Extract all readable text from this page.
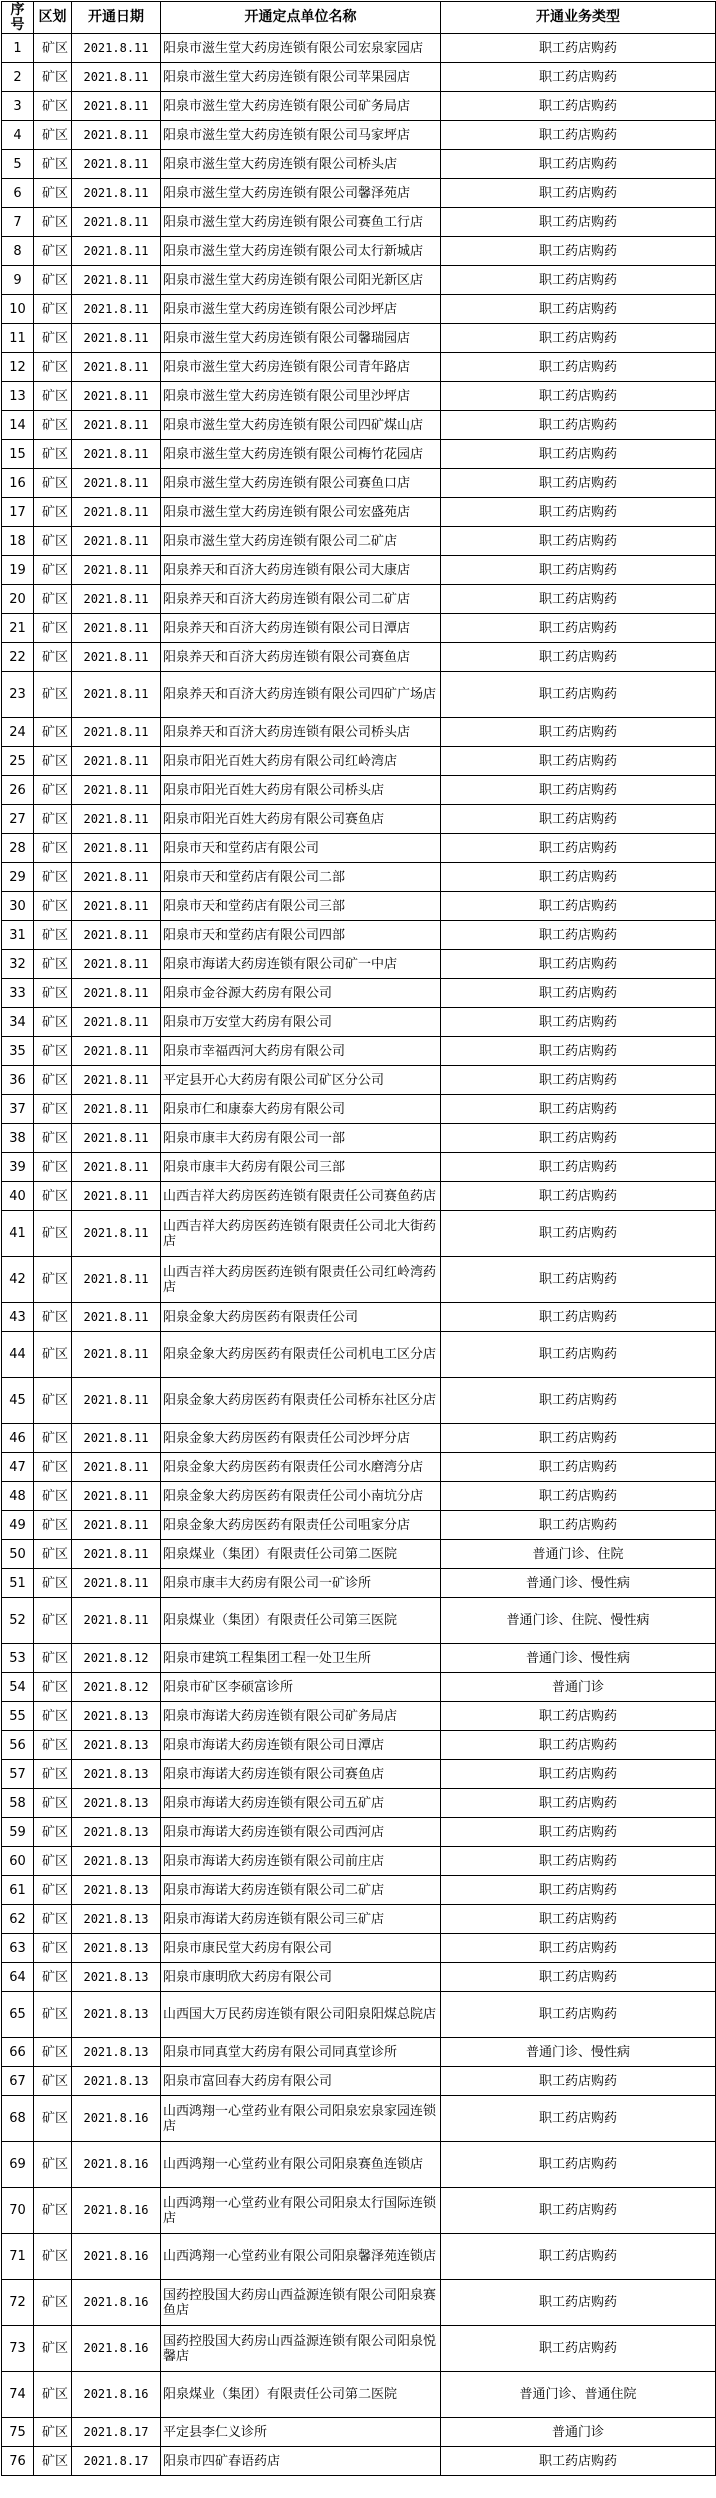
序号	区划	开通日期	开通定点单位名称	开通业务类型
1	矿区	2021.8.11	阳泉市滋生堂大药房连锁有限公司宏泉家园店	职工药店购药
2	矿区	2021.8.11	阳泉市滋生堂大药房连锁有限公司苹果园店	职工药店购药
3	矿区	2021.8.11	阳泉市滋生堂大药房连锁有限公司矿务局店	职工药店购药
4	矿区	2021.8.11	阳泉市滋生堂大药房连锁有限公司马家坪店	职工药店购药
5	矿区	2021.8.11	阳泉市滋生堂大药房连锁有限公司桥头店	职工药店购药
6	矿区	2021.8.11	阳泉市滋生堂大药房连锁有限公司馨泽苑店	职工药店购药
7	矿区	2021.8.11	阳泉市滋生堂大药房连锁有限公司赛鱼工行店	职工药店购药
8	矿区	2021.8.11	阳泉市滋生堂大药房连锁有限公司太行新城店	职工药店购药
9	矿区	2021.8.11	阳泉市滋生堂大药房连锁有限公司阳光新区店	职工药店购药
10	矿区	2021.8.11	阳泉市滋生堂大药房连锁有限公司沙坪店	职工药店购药
11	矿区	2021.8.11	阳泉市滋生堂大药房连锁有限公司馨瑞园店	职工药店购药
12	矿区	2021.8.11	阳泉市滋生堂大药房连锁有限公司青年路店	职工药店购药
13	矿区	2021.8.11	阳泉市滋生堂大药房连锁有限公司里沙坪店	职工药店购药
14	矿区	2021.8.11	阳泉市滋生堂大药房连锁有限公司四矿煤山店	职工药店购药
15	矿区	2021.8.11	阳泉市滋生堂大药房连锁有限公司梅竹花园店	职工药店购药
16	矿区	2021.8.11	阳泉市滋生堂大药房连锁有限公司赛鱼口店	职工药店购药
17	矿区	2021.8.11	阳泉市滋生堂大药房连锁有限公司宏盛苑店	职工药店购药
18	矿区	2021.8.11	阳泉市滋生堂大药房连锁有限公司二矿店	职工药店购药
19	矿区	2021.8.11	阳泉养天和百济大药房连锁有限公司大康店	职工药店购药
20	矿区	2021.8.11	阳泉养天和百济大药房连锁有限公司二矿店	职工药店购药
21	矿区	2021.8.11	阳泉养天和百济大药房连锁有限公司日潭店	职工药店购药
22	矿区	2021.8.11	阳泉养天和百济大药房连锁有限公司赛鱼店	职工药店购药
23	矿区	2021.8.11	阳泉养天和百济大药房连锁有限公司四矿广场店	职工药店购药
24	矿区	2021.8.11	阳泉养天和百济大药房连锁有限公司桥头店	职工药店购药
25	矿区	2021.8.11	阳泉市阳光百姓大药房有限公司红岭湾店	职工药店购药
26	矿区	2021.8.11	阳泉市阳光百姓大药房有限公司桥头店	职工药店购药
27	矿区	2021.8.11	阳泉市阳光百姓大药房有限公司赛鱼店	职工药店购药
28	矿区	2021.8.11	阳泉市天和堂药店有限公司	职工药店购药
29	矿区	2021.8.11	阳泉市天和堂药店有限公司二部	职工药店购药
30	矿区	2021.8.11	阳泉市天和堂药店有限公司三部	职工药店购药
31	矿区	2021.8.11	阳泉市天和堂药店有限公司四部	职工药店购药
32	矿区	2021.8.11	阳泉市海诺大药房连锁有限公司矿一中店	职工药店购药
33	矿区	2021.8.11	阳泉市金谷源大药房有限公司	职工药店购药
34	矿区	2021.8.11	阳泉市万安堂大药房有限公司	职工药店购药
35	矿区	2021.8.11	阳泉市幸福西河大药房有限公司	职工药店购药
36	矿区	2021.8.11	平定县开心大药房有限公司矿区分公司	职工药店购药
37	矿区	2021.8.11	阳泉市仁和康泰大药房有限公司	职工药店购药
38	矿区	2021.8.11	阳泉市康丰大药房有限公司一部	职工药店购药
39	矿区	2021.8.11	阳泉市康丰大药房有限公司三部	职工药店购药
40	矿区	2021.8.11	山西吉祥大药房医药连锁有限责任公司赛鱼药店	职工药店购药
41	矿区	2021.8.11	山西吉祥大药房医药连锁有限责任公司北大街药店	职工药店购药
42	矿区	2021.8.11	山西吉祥大药房医药连锁有限责任公司红岭湾药店	职工药店购药
43	矿区	2021.8.11	阳泉金象大药房医药有限责任公司	职工药店购药
44	矿区	2021.8.11	阳泉金象大药房医药有限责任公司机电工区分店	职工药店购药
45	矿区	2021.8.11	阳泉金象大药房医药有限责任公司桥东社区分店	职工药店购药
46	矿区	2021.8.11	阳泉金象大药房医药有限责任公司沙坪分店	职工药店购药
47	矿区	2021.8.11	阳泉金象大药房医药有限责任公司水磨湾分店	职工药店购药
48	矿区	2021.8.11	阳泉金象大药房医药有限责任公司小南坑分店	职工药店购药
49	矿区	2021.8.11	阳泉金象大药房医药有限责任公司咀家分店	职工药店购药
50	矿区	2021.8.11	阳泉煤业（集团）有限责任公司第二医院	普通门诊、住院
51	矿区	2021.8.11	阳泉市康丰大药房有限公司一矿诊所	普通门诊、慢性病
52	矿区	2021.8.11	阳泉煤业（集团）有限责任公司第三医院	普通门诊、住院、慢性病
53	矿区	2021.8.12	阳泉市建筑工程集团工程一处卫生所	普通门诊、慢性病
54	矿区	2021.8.12	阳泉市矿区李硕富诊所	普通门诊
55	矿区	2021.8.13	阳泉市海诺大药房连锁有限公司矿务局店	职工药店购药
56	矿区	2021.8.13	阳泉市海诺大药房连锁有限公司日潭店	职工药店购药
57	矿区	2021.8.13	阳泉市海诺大药房连锁有限公司赛鱼店	职工药店购药
58	矿区	2021.8.13	阳泉市海诺大药房连锁有限公司五矿店	职工药店购药
59	矿区	2021.8.13	阳泉市海诺大药房连锁有限公司西河店	职工药店购药
60	矿区	2021.8.13	阳泉市海诺大药房连锁有限公司前庄店	职工药店购药
61	矿区	2021.8.13	阳泉市海诺大药房连锁有限公司二矿店	职工药店购药
62	矿区	2021.8.13	阳泉市海诺大药房连锁有限公司三矿店	职工药店购药
63	矿区	2021.8.13	阳泉市康民堂大药房有限公司	职工药店购药
64	矿区	2021.8.13	阳泉市康明欣大药房有限公司	职工药店购药
65	矿区	2021.8.13	山西国大万民药房连锁有限公司阳泉阳煤总院店	职工药店购药
66	矿区	2021.8.13	阳泉市同真堂大药房有限公司同真堂诊所	普通门诊、慢性病
67	矿区	2021.8.13	阳泉市富回春大药房有限公司	职工药店购药
68	矿区	2021.8.16	山西鸿翔一心堂药业有限公司阳泉宏泉家园连锁店	职工药店购药
69	矿区	2021.8.16	山西鸿翔一心堂药业有限公司阳泉赛鱼连锁店	职工药店购药
70	矿区	2021.8.16	山西鸿翔一心堂药业有限公司阳泉太行国际连锁店	职工药店购药
71	矿区	2021.8.16	山西鸿翔一心堂药业有限公司阳泉馨泽苑连锁店	职工药店购药
72	矿区	2021.8.16	国药控股国大药房山西益源连锁有限公司阳泉赛鱼店	职工药店购药
73	矿区	2021.8.16	国药控股国大药房山西益源连锁有限公司阳泉悦馨店	职工药店购药
74	矿区	2021.8.16	阳泉煤业（集团）有限责任公司第二医院	普通门诊、普通住院
75	矿区	2021.8.17	平定县李仁义诊所	普通门诊
76	矿区	2021.8.17	阳泉市四矿春语药店	职工药店购药
